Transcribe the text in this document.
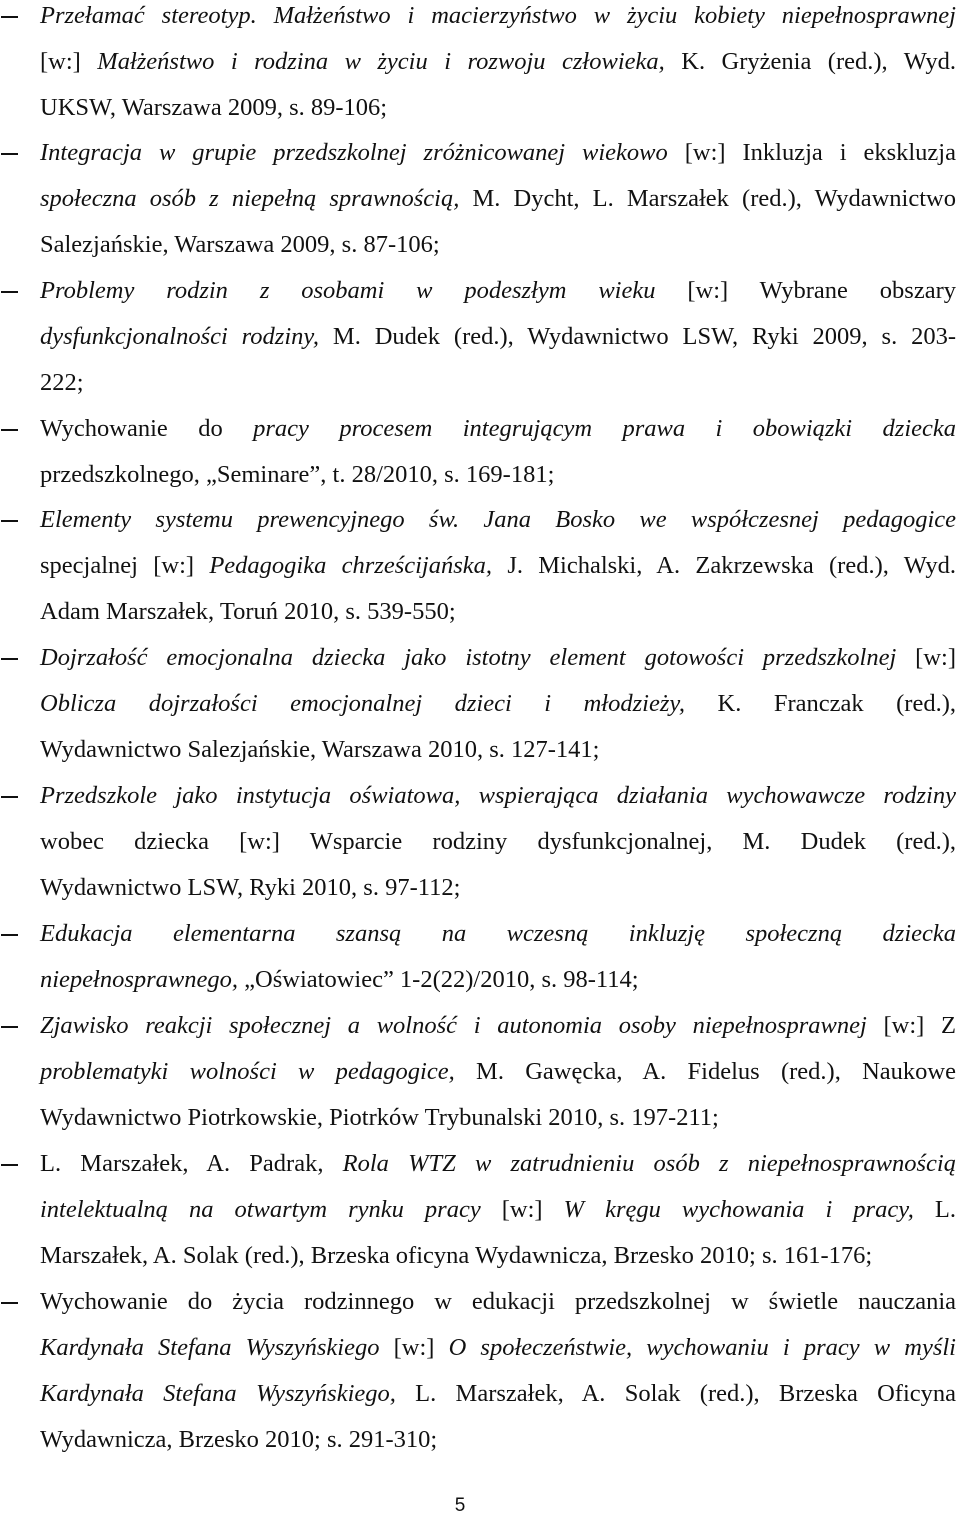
Przełamać stereotyp. Małżeństwo i macierzyństwo w życiu kobiety niepełnosprawnej
[w:] Małżeństwo i rodzina w życiu i rozwoju człowieka, K. Gryżenia (red.), Wyd.
UKSW, Warszawa 2009, s. 89-106;
Integracja w grupie przedszkolnej zróżnicowanej wiekowo [w:] Inkluzja i ekskluzja
społeczna osób z niepełną sprawnością, M. Dycht, L. Marszałek (red.), Wydawnictwo
Salezjańskie, Warszawa 2009, s. 87-106;
Problemy rodzin z osobami w podeszłym wieku [w:] Wybrane obszary
dysfunkcjonalności rodziny, M. Dudek (red.), Wydawnictwo LSW, Ryki 2009, s. 203-
222;
Wychowanie do pracy procesem integrującym prawa i obowiązki dziecka
przedszkolnego, „Seminare”, t. 28/2010, s. 169-181;
Elementy systemu prewencyjnego św. Jana Bosko we współczesnej pedagogice
specjalnej [w:] Pedagogika chrześcijańska, J. Michalski, A. Zakrzewska (red.), Wyd.
Adam Marszałek, Toruń 2010, s. 539-550;
Dojrzałość emocjonalna dziecka jako istotny element gotowości przedszkolnej [w:]
Oblicza dojrzałości emocjonalnej dzieci i młodzieży, K. Franczak (red.),
Wydawnictwo Salezjańskie, Warszawa 2010, s. 127-141;
Przedszkole jako instytucja oświatowa, wspierająca działania wychowawcze rodziny
wobec dziecka [w:] Wsparcie rodziny dysfunkcjonalnej, M. Dudek (red.),
Wydawnictwo LSW, Ryki 2010, s. 97-112;
Edukacja elementarna szansą na wczesną inkluzję społeczną dziecka
niepełnosprawnego, „Oświatowiec” 1-2(22)/2010, s. 98-114;
Zjawisko reakcji społecznej a wolność i autonomia osoby niepełnosprawnej [w:] Z
problematyki wolności w pedagogice, M. Gawęcka, A. Fidelus (red.), Naukowe
Wydawnictwo Piotrkowskie, Piotrków Trybunalski 2010, s. 197-211;
L. Marszałek, A. Padrak, Rola WTZ w zatrudnieniu osób z niepełnosprawnością
intelektualną na otwartym rynku pracy [w:] W kręgu wychowania i pracy, L.
Marszałek, A. Solak (red.), Brzeska oficyna Wydawnicza, Brzesko 2010; s. 161-176;
Wychowanie do życia rodzinnego w edukacji przedszkolnej w świetle nauczania
Kardynała Stefana Wyszyńskiego [w:] O społeczeństwie, wychowaniu i pracy w myśli
Kardynała Stefana Wyszyńskiego, L. Marszałek, A. Solak (red.), Brzeska Oficyna
Wydawnicza, Brzesko 2010; s. 291-310;
5
